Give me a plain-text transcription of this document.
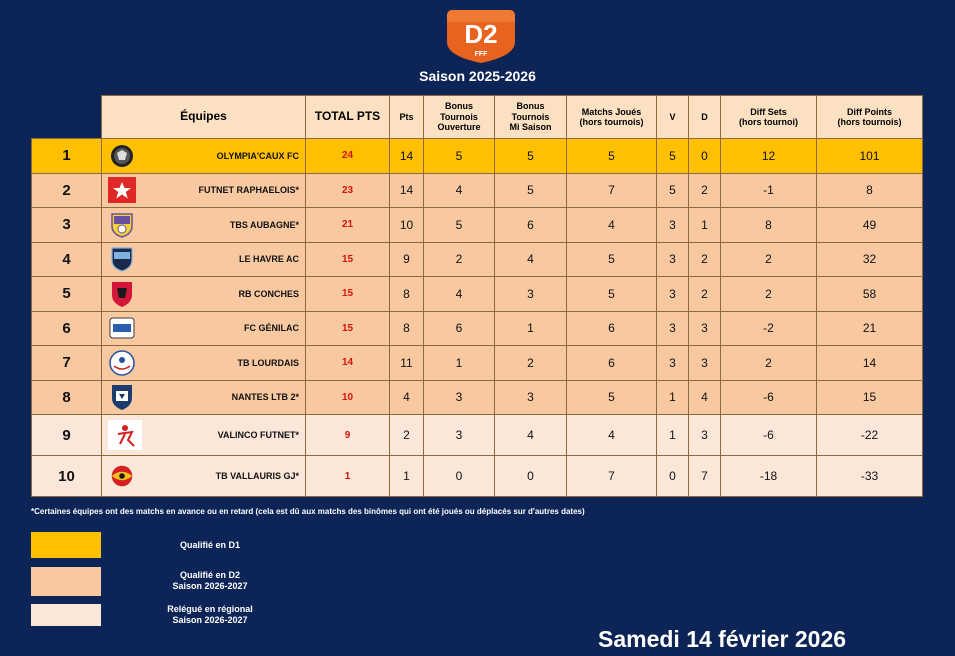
D2
FFF
Saison 2025-2026
	Équipes	TOTAL PTS	Pts	Bonus
Tournois
Ouverture	Bonus
Tournois
Mi Saison	Matchs Joués
(hors tournois)	V	D	Diff Sets
(hors tournoi)	Diff Points
(hors tournois)
1	OLYMPIA'CAUX FC	24	14	5	5	5	5	0	12	101
2	FUTNET RAPHAELOIS*	23	14	4	5	7	5	2	-1	8
3	TBS AUBAGNE*	21	10	5	6	4	3	1	8	49
4	LE HAVRE AC	15	9	2	4	5	3	2	2	32
5	RB CONCHES	15	8	4	3	5	3	2	2	58
6	FC GÉNILAC	15	8	6	1	6	3	3	-2	21
7	TB LOURDAIS	14	11	1	2	6	3	3	2	14
8	NANTES LTB 2*	10	4	3	3	5	1	4	-6	15
9	VALINCO FUTNET*	9	2	3	4	4	1	3	-6	-22
10	TB VALLAURIS GJ*	1	1	0	0	7	0	7	-18	-33
*Certaines équipes ont des matchs en avance ou en retard (cela est dû aux matchs des binômes qui ont été joués ou déplacés sur d'autres dates)
Qualifié en D1
Qualifié en D2
Saison 2026-2027
Relégué en régional
Saison 2026-2027
Samedi 14 février 2026
